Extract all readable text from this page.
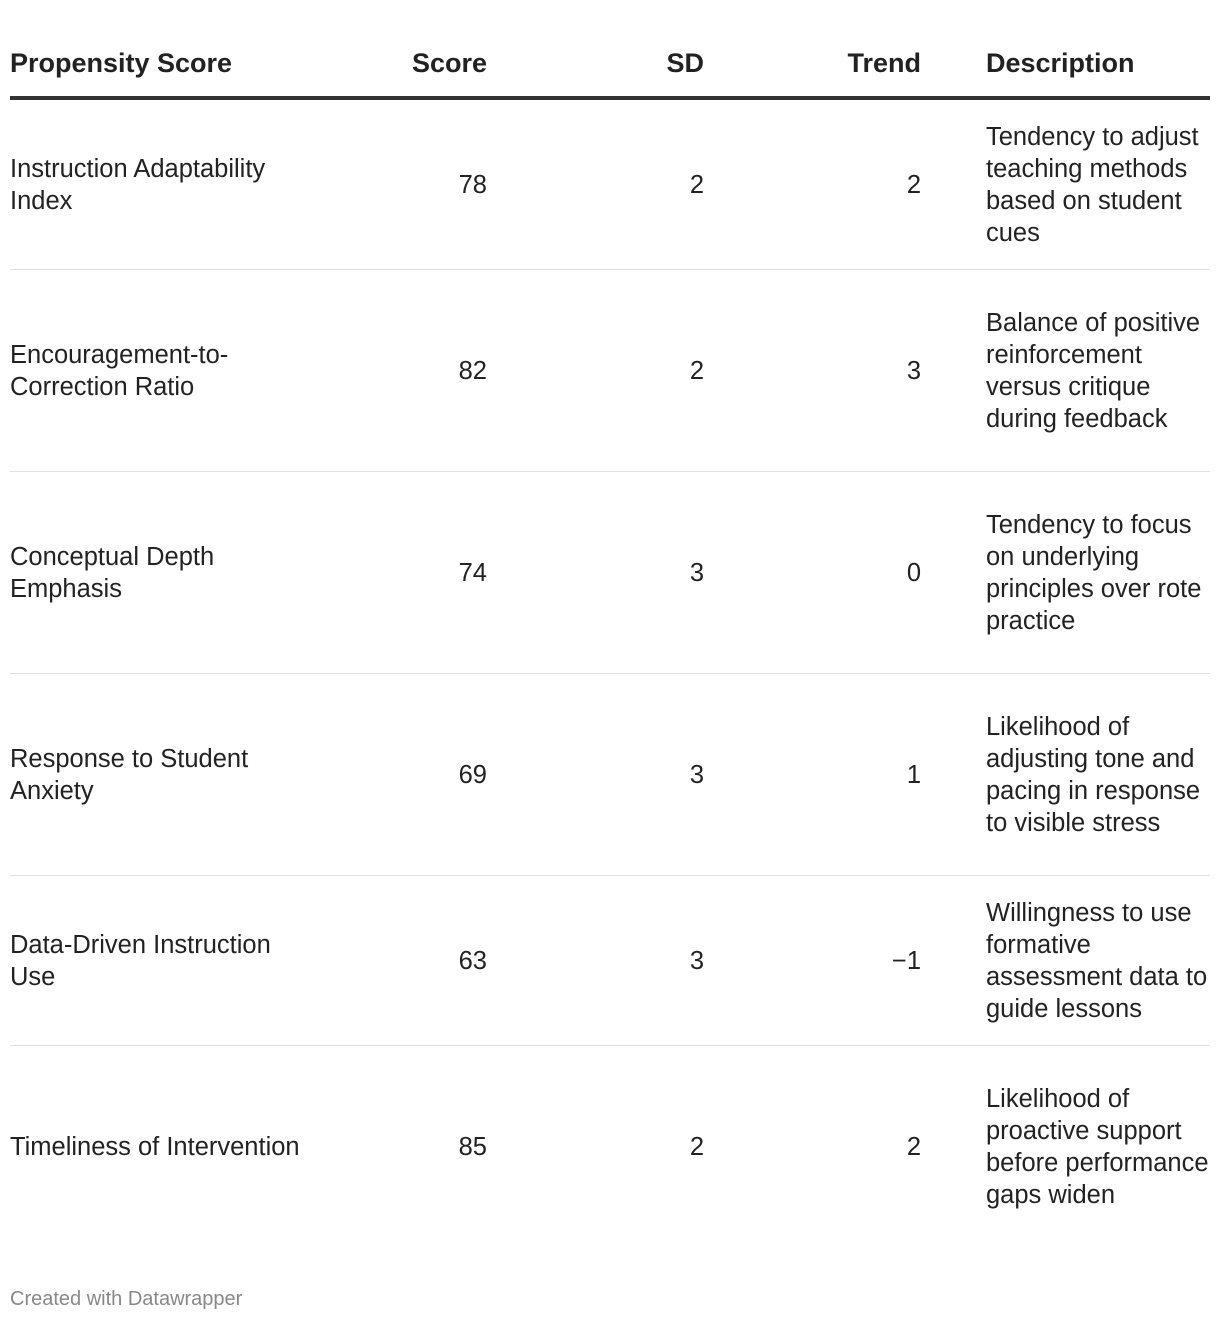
Propensity Score	Score	SD	Trend	Description
Instruction Adaptability Index	78	2	2	Tendency to adjust teaching methods based on student cues
Encouragement-to-Correction Ratio	82	2	3	Balance of positive reinforcement versus critique during feedback
Conceptual Depth Emphasis	74	3	0	Tendency to focus on underlying principles over rote practice
Response to Student Anxiety	69	3	1	Likelihood of adjusting tone and pacing in response to visible stress
Data-Driven Instruction Use	63	3	−1	Willingness to use formative assessment data to guide lessons
Timeliness of Intervention	85	2	2	Likelihood of proactive support before performance gaps widen
Created with Datawrapper
